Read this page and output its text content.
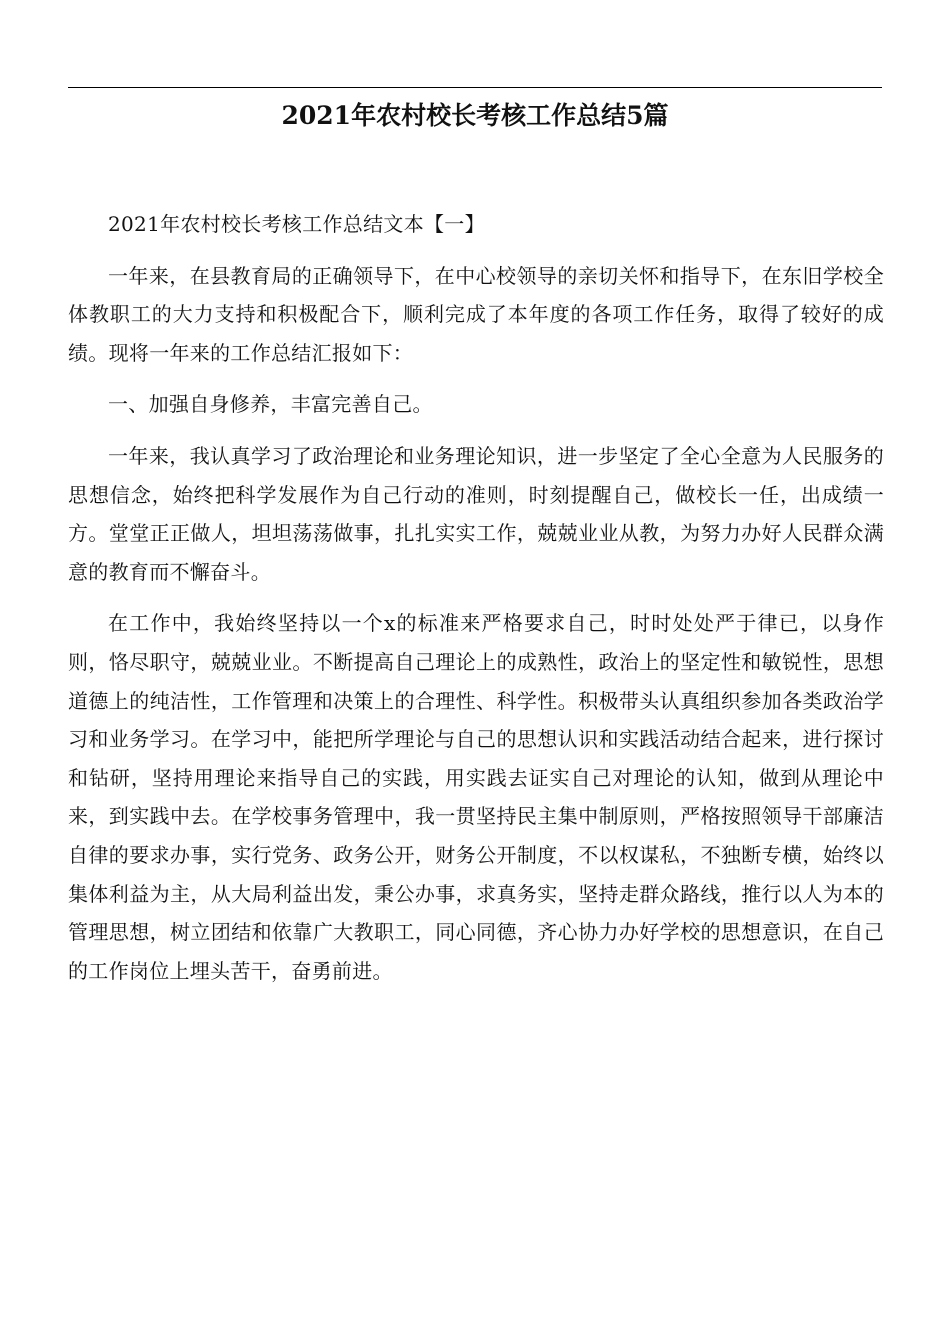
2021年农村校长考核工作总结5篇

2021年农村校长考核工作总结文本【一】

一年来，在县教育局的正确领导下，在中心校领导的亲切关怀和指导下，在东旧学校全体教职工的大力支持和积极配合下，顺利完成了本年度的各项工作任务，取得了较好的成绩。现将一年来的工作总结汇报如下：

一、加强自身修养，丰富完善自己。

一年来，我认真学习了政治理论和业务理论知识，进一步坚定了全心全意为人民服务的思想信念，始终把科学发展作为自己行动的准则，时刻提醒自己，做校长一任，出成绩一方。堂堂正正做人，坦坦荡荡做事，扎扎实实工作，兢兢业业从教，为努力办好人民群众满意的教育而不懈奋斗。

在工作中，我始终坚持以一个x的标准来严格要求自己，时时处处严于律已，以身作则，恪尽职守，兢兢业业。不断提高自己理论上的成熟性，政治上的坚定性和敏锐性，思想道德上的纯洁性，工作管理和决策上的合理性、科学性。积极带头认真组织参加各类政治学习和业务学习。在学习中，能把所学理论与自己的思想认识和实践活动结合起来，进行探讨和钻研，坚持用理论来指导自己的实践，用实践去证实自己对理论的认知，做到从理论中来，到实践中去。在学校事务管理中，我一贯坚持民主集中制原则，严格按照领导干部廉洁自律的要求办事，实行党务、政务公开，财务公开制度，不以权谋私，不独断专横，始终以集体利益为主，从大局利益出发，秉公办事，求真务实，坚持走群众路线，推行以人为本的管理思想，树立团结和依靠广大教职工，同心同德，齐心协力办好学校的思想意识，在自己的工作岗位上埋头苦干，奋勇前进。
